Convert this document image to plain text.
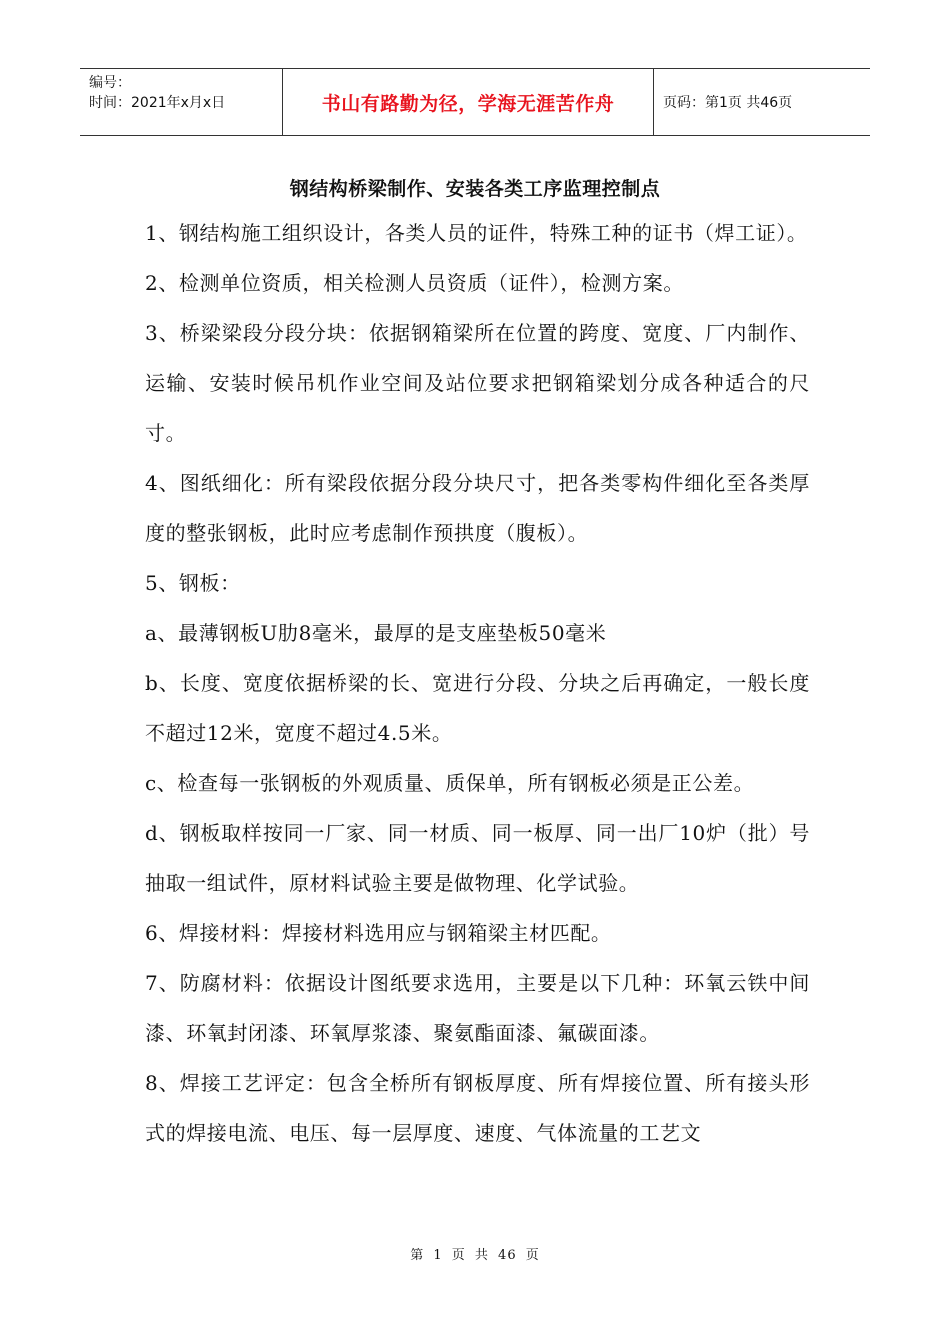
编号：
时间：2021年x月x日	书山有路勤为径，学海无涯苦作舟	页码：第1页 共46页
钢结构桥梁制作、安装各类工序监理控制点

1、钢结构施工组织设计，各类人员的证件，特殊工种的证书（焊工证）。

2、检测单位资质，相关检测人员资质（证件），检测方案。

3、桥梁梁段分段分块：依据钢箱梁所在位置的跨度、宽度、厂内制作、运输、安装时候吊机作业空间及站位要求把钢箱梁划分成各种适合的尺寸。

4、图纸细化：所有梁段依据分段分块尺寸，把各类零构件细化至各类厚度的整张钢板，此时应考虑制作预拱度（腹板）。

5、钢板：

a、最薄钢板U肋8毫米，最厚的是支座垫板50毫米

b、长度、宽度依据桥梁的长、宽进行分段、分块之后再确定，一般长度不超过12米，宽度不超过4.5米。

c、检查每一张钢板的外观质量、质保单，所有钢板必须是正公差。

d、钢板取样按同一厂家、同一材质、同一板厚、同一出厂10炉（批）号抽取一组试件，原材料试验主要是做物理、化学试验。

6、焊接材料：焊接材料选用应与钢箱梁主材匹配。

7、防腐材料：依据设计图纸要求选用，主要是以下几种：环氧云铁中间漆、环氧封闭漆、环氧厚浆漆、聚氨酯面漆、氟碳面漆。

8、焊接工艺评定：包含全桥所有钢板厚度、所有焊接位置、所有接头形式的焊接电流、电压、每一层厚度、速度、气体流量的工艺文

第 1 页 共 46 页
